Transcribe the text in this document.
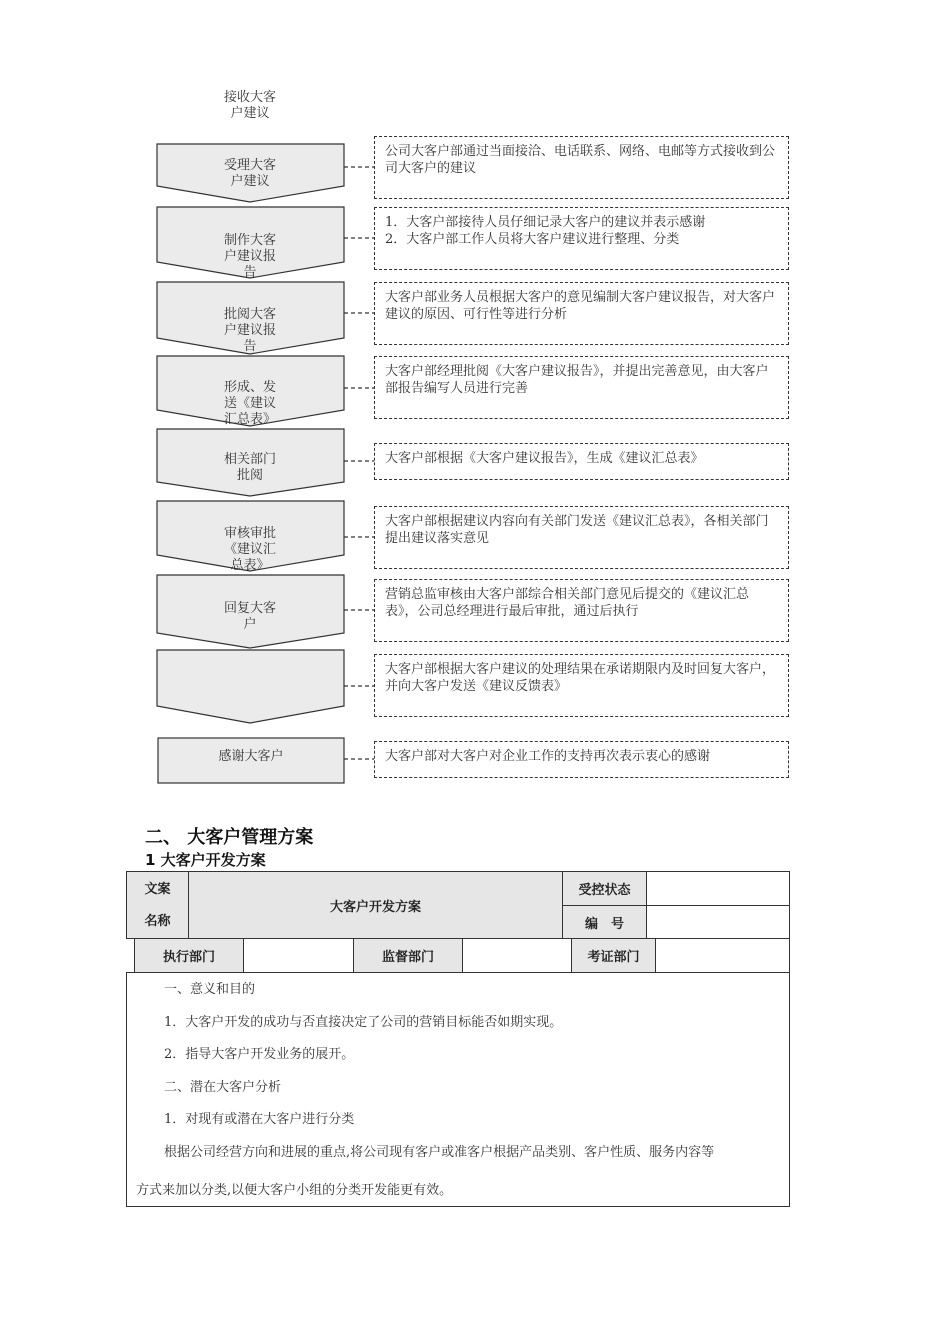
接收大客户建议
受理大客户建议
制作大客户建议报告
批阅大客户建议报告
形成、发送《建议汇总表》
相关部门批阅
审核审批《建议汇总表》
回复大客户
感谢大客户
公司大客户部通过当面接洽、电话联系、网络、电邮等方式接收到公司大客户的建议
1．大客户部接待人员仔细记录大客户的建议并表示感谢
2．大客户部工作人员将大客户建议进行整理、分类
大客户部业务人员根据大客户的意见编制大客户建议报告，对大客户建议的原因、可行性等进行分析
大客户部经理批阅《大客户建议报告》，并提出完善意见，由大客户部报告编写人员进行完善
大客户部根据《大客户建议报告》，生成《建议汇总表》
大客户部根据建议内容向有关部门发送《建议汇总表》，各相关部门提出建议落实意见
营销总监审核由大客户部综合相关部门意见后提交的《建议汇总表》，公司总经理进行最后审批，通过后执行
大客户部根据大客户建议的处理结果在承诺期限内及时回复大客户，并向大客户发送《建议反馈表》
大客户部对大客户对企业工作的支持再次表示衷心的感谢
二、 大客户管理方案
1 大客户开发方案
文案
名称
大客户开发方案
受控状态
编　号
执行部门	监督部门	考证部门

一、意义和目的

1．大客户开发的成功与否直接决定了公司的营销目标能否如期实现。

2．指导大客户开发业务的展开。

二、潜在大客户分析

1．对现有或潜在大客户进行分类

根据公司经营方向和进展的重点,将公司现有客户或准客户根据产品类别、客户性质、服务内容等

方式来加以分类,以便大客户小组的分类开发能更有效。
